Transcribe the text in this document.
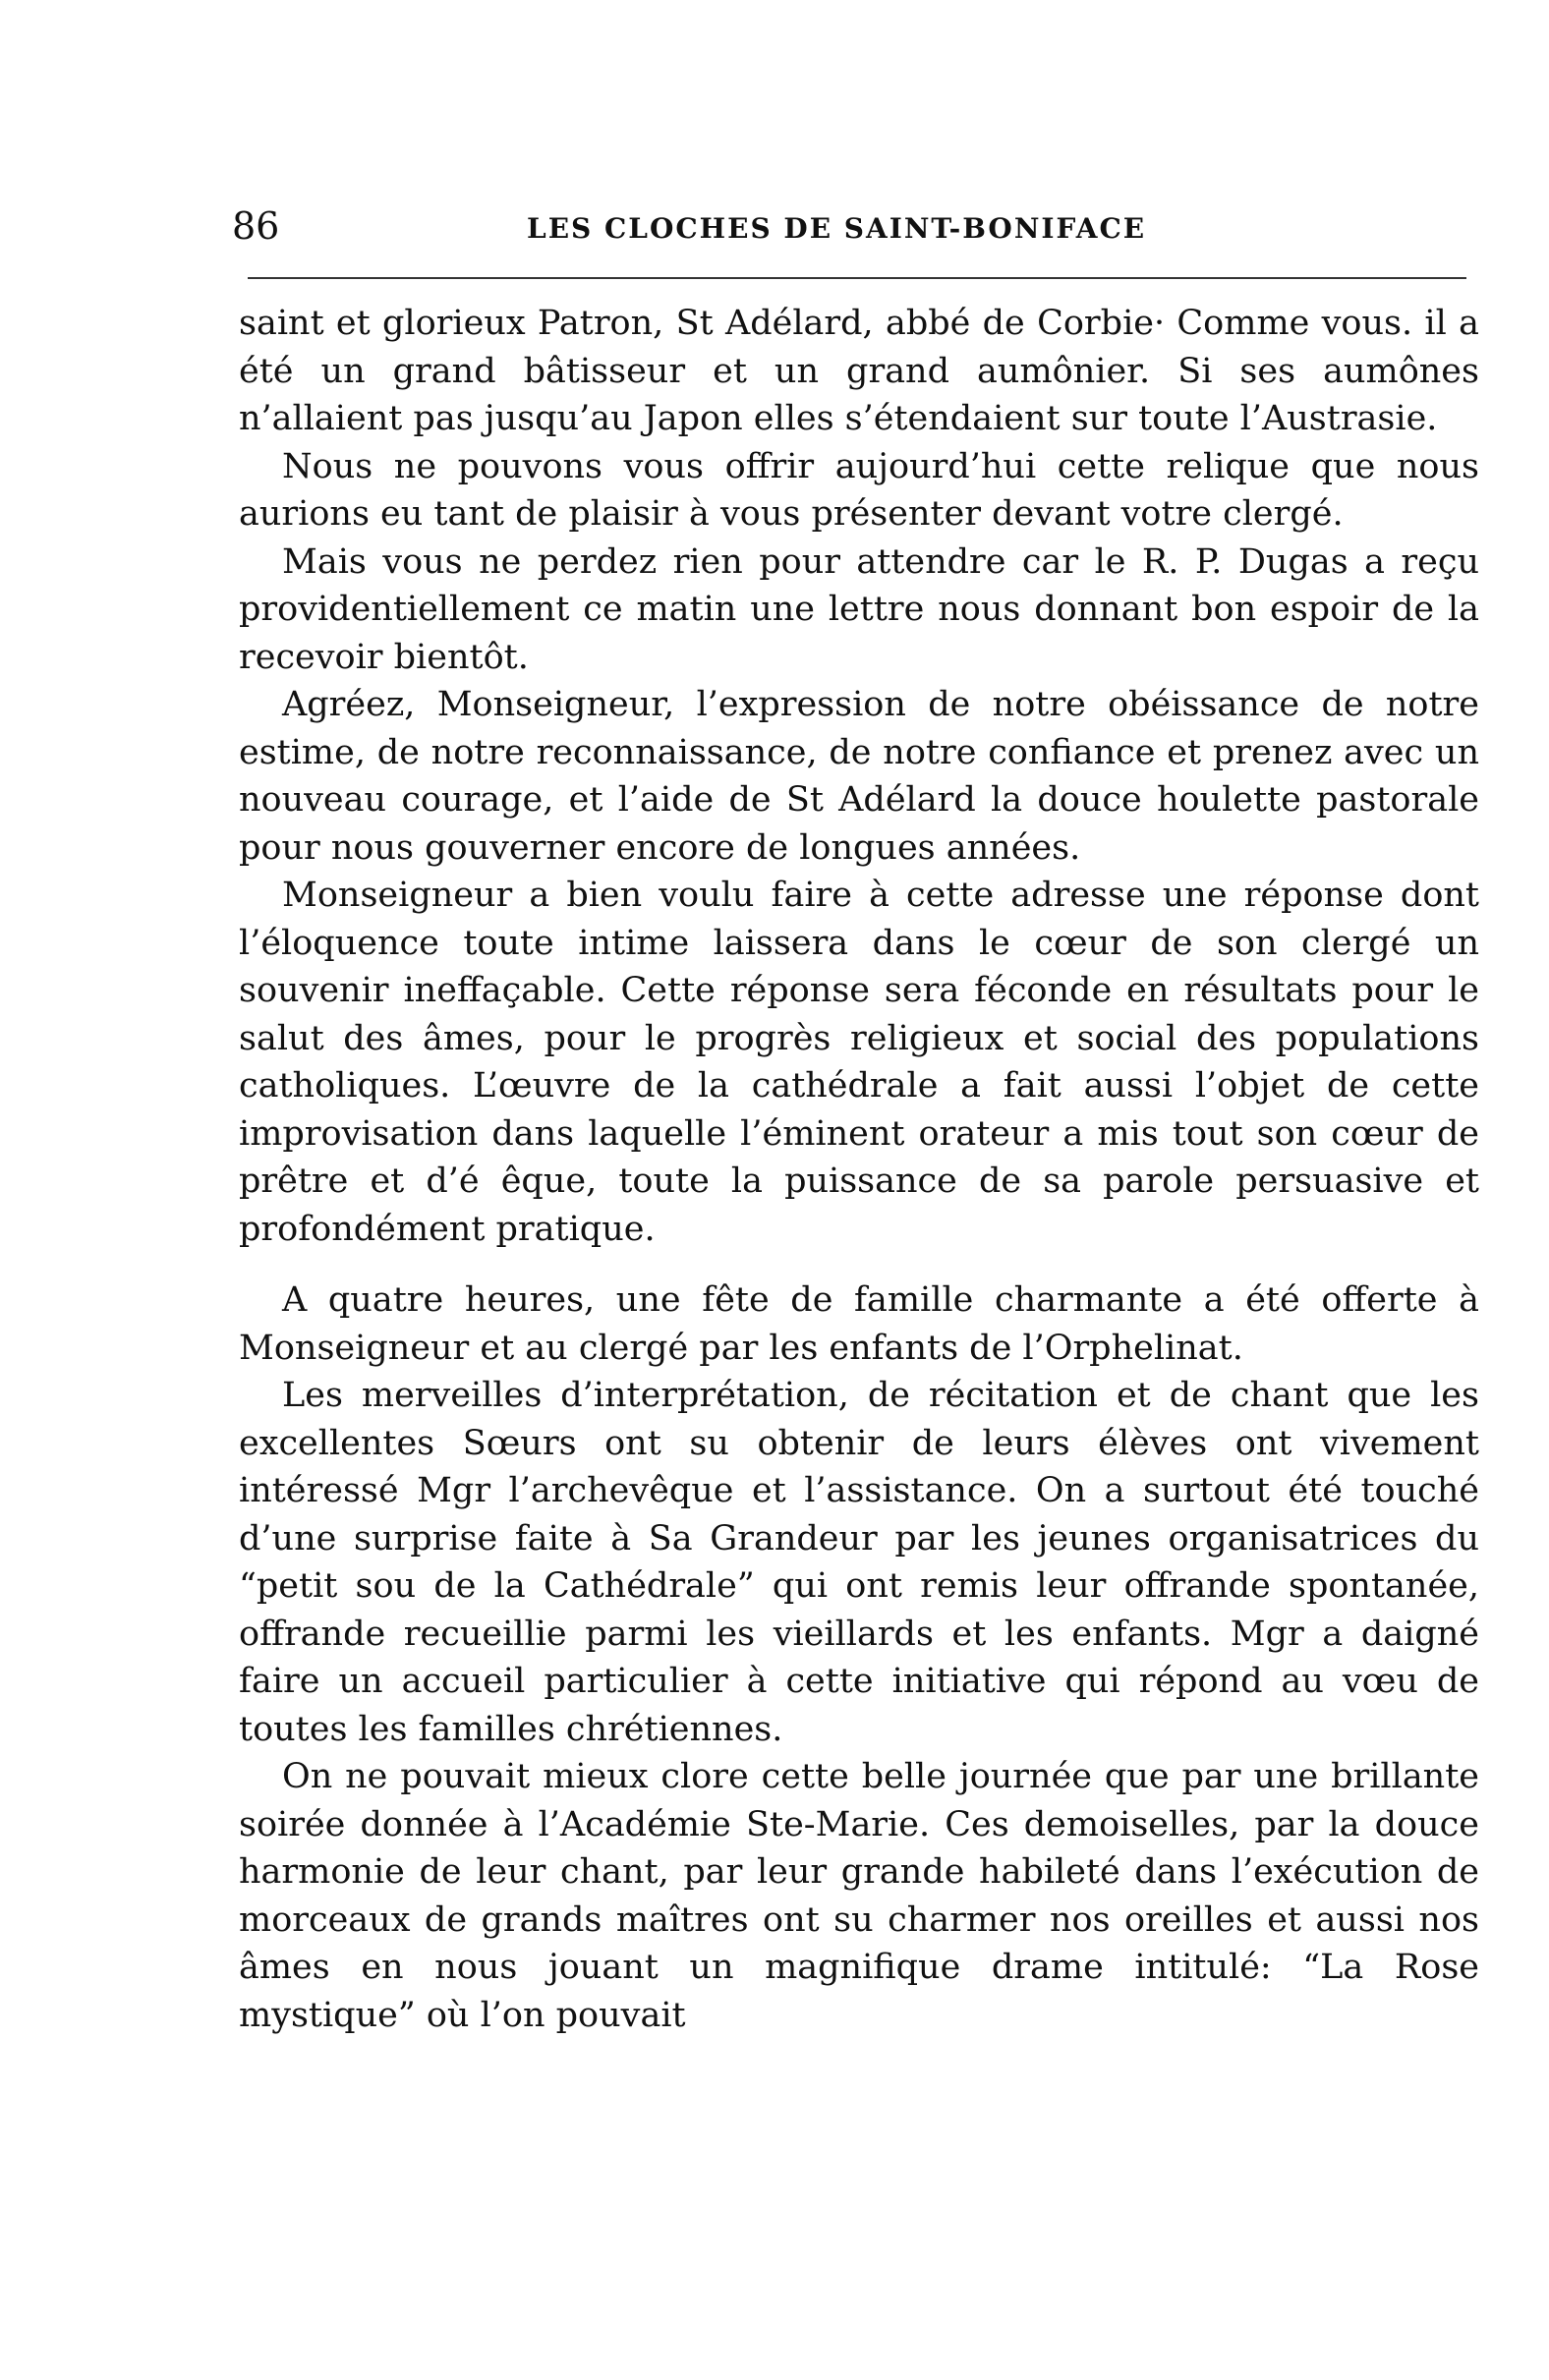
86	LES CLOCHES DE SAINT-BONIFACE

saint et glorieux Patron, St Adélard, abbé de Corbie· Comme vous. il a été un grand bâtisseur et un grand aumônier. Si ses aumônes n’allaient pas jusqu’au Japon elles s’étendaient sur toute l’Austrasie.

Nous ne pouvons vous offrir aujourd’hui cette relique que nous aurions eu tant de plaisir à vous présenter devant votre clergé.

Mais vous ne perdez rien pour attendre car le R. P. Dugas a reçu providentiellement ce matin une lettre nous donnant bon espoir de la recevoir bientôt.

Agréez, Monseigneur, l’expression de notre obéissance de notre estime, de notre reconnaissance, de notre confiance et prenez avec un nouveau courage, et l’aide de St Adélard la douce houlette pastorale pour nous gouverner encore de longues années.

Monseigneur a bien voulu faire à cette adresse une réponse dont l’éloquence toute intime laissera dans le cœur de son clergé un souvenir ineffaçable. Cette réponse sera féconde en résultats pour le salut des âmes, pour le progrès religieux et social des populations catholiques. L’œuvre de la cathédrale a fait aussi l’objet de cette improvisation dans laquelle l’éminent orateur a mis tout son cœur de prêtre et d’é êque, toute la puissance de sa parole persuasive et profondément pratique.

A quatre heures, une fête de famille charmante a été offerte à Monseigneur et au clergé par les enfants de l’Orphelinat.

Les merveilles d’interprétation, de récitation et de chant que les excellentes Sœurs ont su obtenir de leurs élèves ont vivement intéressé Mgr l’archevêque et l’assistance. On a surtout été touché d’une surprise faite à Sa Grandeur par les jeunes organisatrices du “petit sou de la Cathédrale” qui ont remis leur offrande spontanée, offrande recueillie parmi les vieillards et les enfants. Mgr a daigné faire un accueil particulier à cette initiative qui répond au vœu de toutes les familles chrétiennes.

On ne pouvait mieux clore cette belle journée que par une brillante soirée donnée à l’Académie Ste-Marie. Ces demoiselles, par la douce harmonie de leur chant, par leur grande habileté dans l’exécution de morceaux de grands maîtres ont su charmer nos oreilles et aussi nos âmes en nous jouant un magnifique drame intitulé: “La Rose mystique” où l’on pouvait
